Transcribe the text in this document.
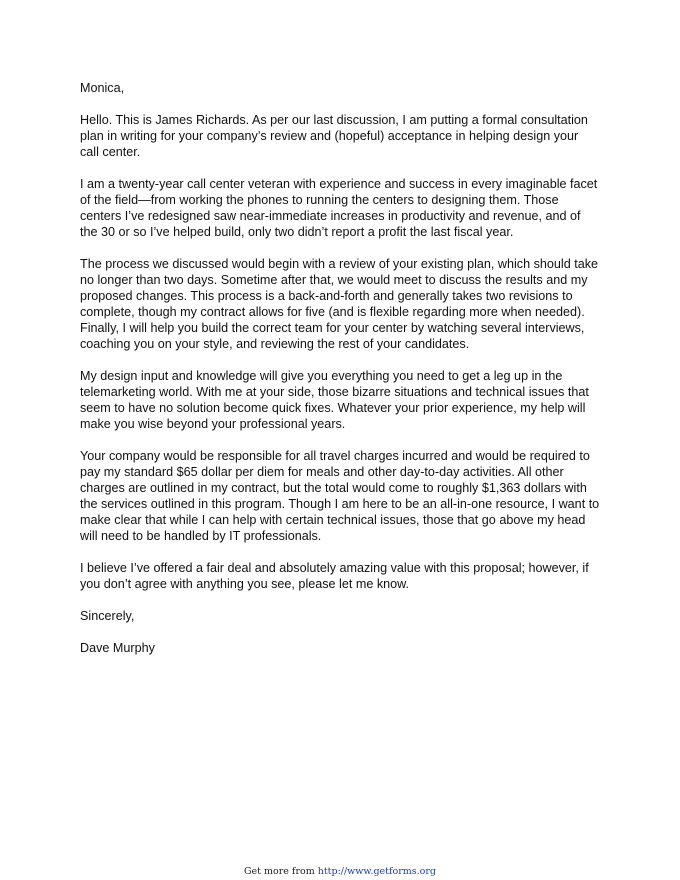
Monica,

Hello. This is James Richards. As per our last discussion, I am putting a formal consultation plan in writing for your company’s review and (hopeful) acceptance in helping design your call center.

I am a twenty-year call center veteran with experience and success in every imaginable facet of the field—from working the phones to running the centers to designing them. Those centers I’ve redesigned saw near-immediate increases in productivity and revenue, and of the 30 or so I’ve helped build, only two didn’t report a profit the last fiscal year.

The process we discussed would begin with a review of your existing plan, which should take no longer than two days. Sometime after that, we would meet to discuss the results and my proposed changes. This process is a back-and-forth and generally takes two revisions to complete, though my contract allows for five (and is flexible regarding more when needed). Finally, I will help you build the correct team for your center by watching several interviews, coaching you on your style, and reviewing the rest of your candidates.

My design input and knowledge will give you everything you need to get a leg up in the telemarketing world. With me at your side, those bizarre situations and technical issues that seem to have no solution become quick fixes. Whatever your prior experience, my help will make you wise beyond your professional years.

Your company would be responsible for all travel charges incurred and would be required to pay my standard $65 dollar per diem for meals and other day-to-day activities. All other charges are outlined in my contract, but the total would come to roughly $1,363 dollars with the services outlined in this program. Though I am here to be an all-in-one resource, I want to make clear that while I can help with certain technical issues, those that go above my head will need to be handled by IT professionals.

I believe I’ve offered a fair deal and absolutely amazing value with this proposal; however, if you don’t agree with anything you see, please let me know.

Sincerely,

Dave Murphy

Get more from http://www.getforms.org
